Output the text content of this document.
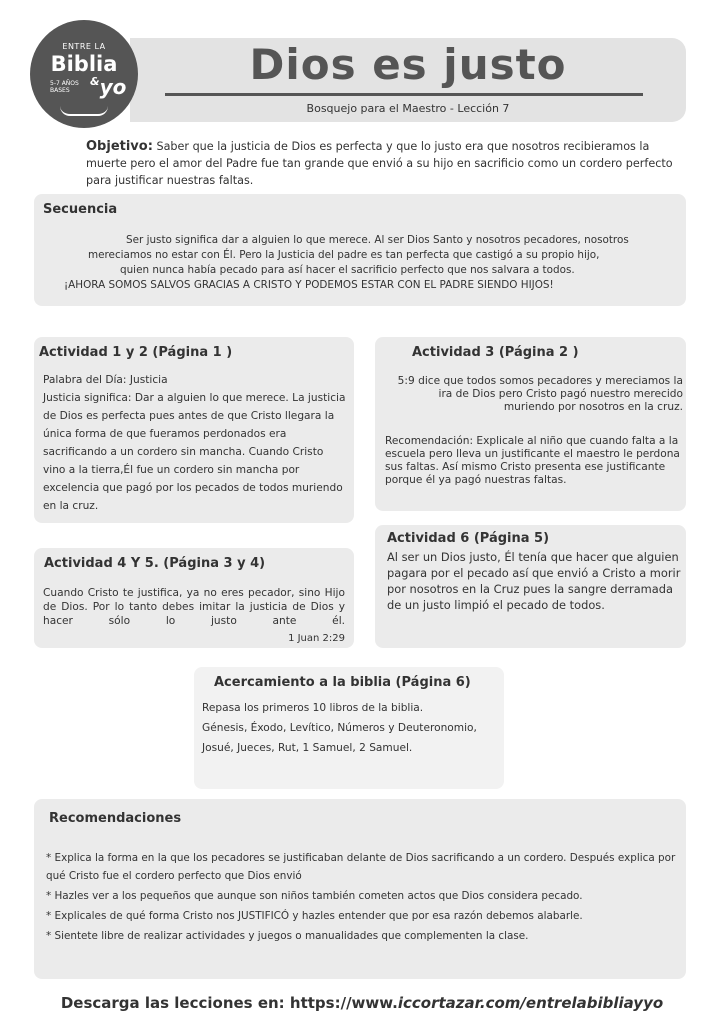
ENTRE LA
Biblia
5-7 AÑOS
BASES
&yo	Dios es justo
Bosquejo para el Maestro - Lección 7
Objetivo: Saber que la justicia de Dios es perfecta y que lo justo era que nosotros recibieramos la muerte pero el amor del Padre fue tan grande que envió a su hijo en sacrificio como un cordero perfecto para justificar nuestras faltas.
Secuencia
Ser justo significa dar a alguien lo que merece. Al ser Dios Santo y nosotros pecadores, nosotros
mereciamos no estar con Él. Pero la Justicia del padre es tan perfecta que castigó a su propio hijo,
quien nunca había pecado para así hacer el sacrificio perfecto que nos salvara a todos.
¡AHORA SOMOS SALVOS GRACIAS A CRISTO Y PODEMOS ESTAR CON EL PADRE SIENDO HIJOS!
Actividad 1 y 2 (Página 1 )
Palabra del Día: Justicia
Justicia significa: Dar a alguien lo que merece. La justicia de Dios es perfecta pues antes de que Cristo llegara la única forma de que fueramos perdonados era sacrificando a un cordero sin mancha. Cuando Cristo vino a la tierra,Él fue un cordero sin mancha por excelencia que pagó por los pecados de todos muriendo en la cruz.
Actividad 3 (Página 2 )
5:9 dice que todos somos pecadores y mereciamos la ira de Dios pero Cristo pagó nuestro merecido muriendo por nosotros en la cruz.
Recomendación: Explicale al niño que cuando falta a la escuela pero lleva un justificante el maestro le perdona sus faltas. Así mismo Cristo presenta ese justificante porque él ya pagó nuestras faltas.
Actividad 4 Y 5. (Página 3 y 4)
Cuando Cristo te justifica, ya no eres pecador, sino Hijo de Dios. Por lo tanto debes imitar la justicia de Dios y hacer sólo lo justo ante él.
1 Juan 2:29
Actividad 6 (Página 5)
Al ser un Dios justo, Él tenía que hacer que alguien pagara por el pecado así que envió a Cristo a morir por nosotros en la Cruz pues la sangre derramada de un justo limpió el pecado de todos.
Acercamiento a la biblia (Página 6)
Repasa los primeros 10 libros de la biblia.
Génesis, Éxodo, Levítico, Números y Deuteronomio,
Josué, Jueces, Rut, 1 Samuel, 2 Samuel.
Recomendaciones
* Explica la forma en la que los pecadores se justificaban delante de Dios sacrificando a un cordero. Después explica por qué Cristo fue el cordero perfecto que Dios envió
* Hazles ver a los pequeños que aunque son niños también cometen actos que Dios considera pecado.
* Explicales de qué forma Cristo nos JUSTIFICÓ y hazles entender que por esa razón debemos alabarle.
* Sientete libre de realizar actividades y juegos o manualidades que complementen la clase.
Descarga las lecciones en: https://www.iccortazar.com/entrelabibliayyo
